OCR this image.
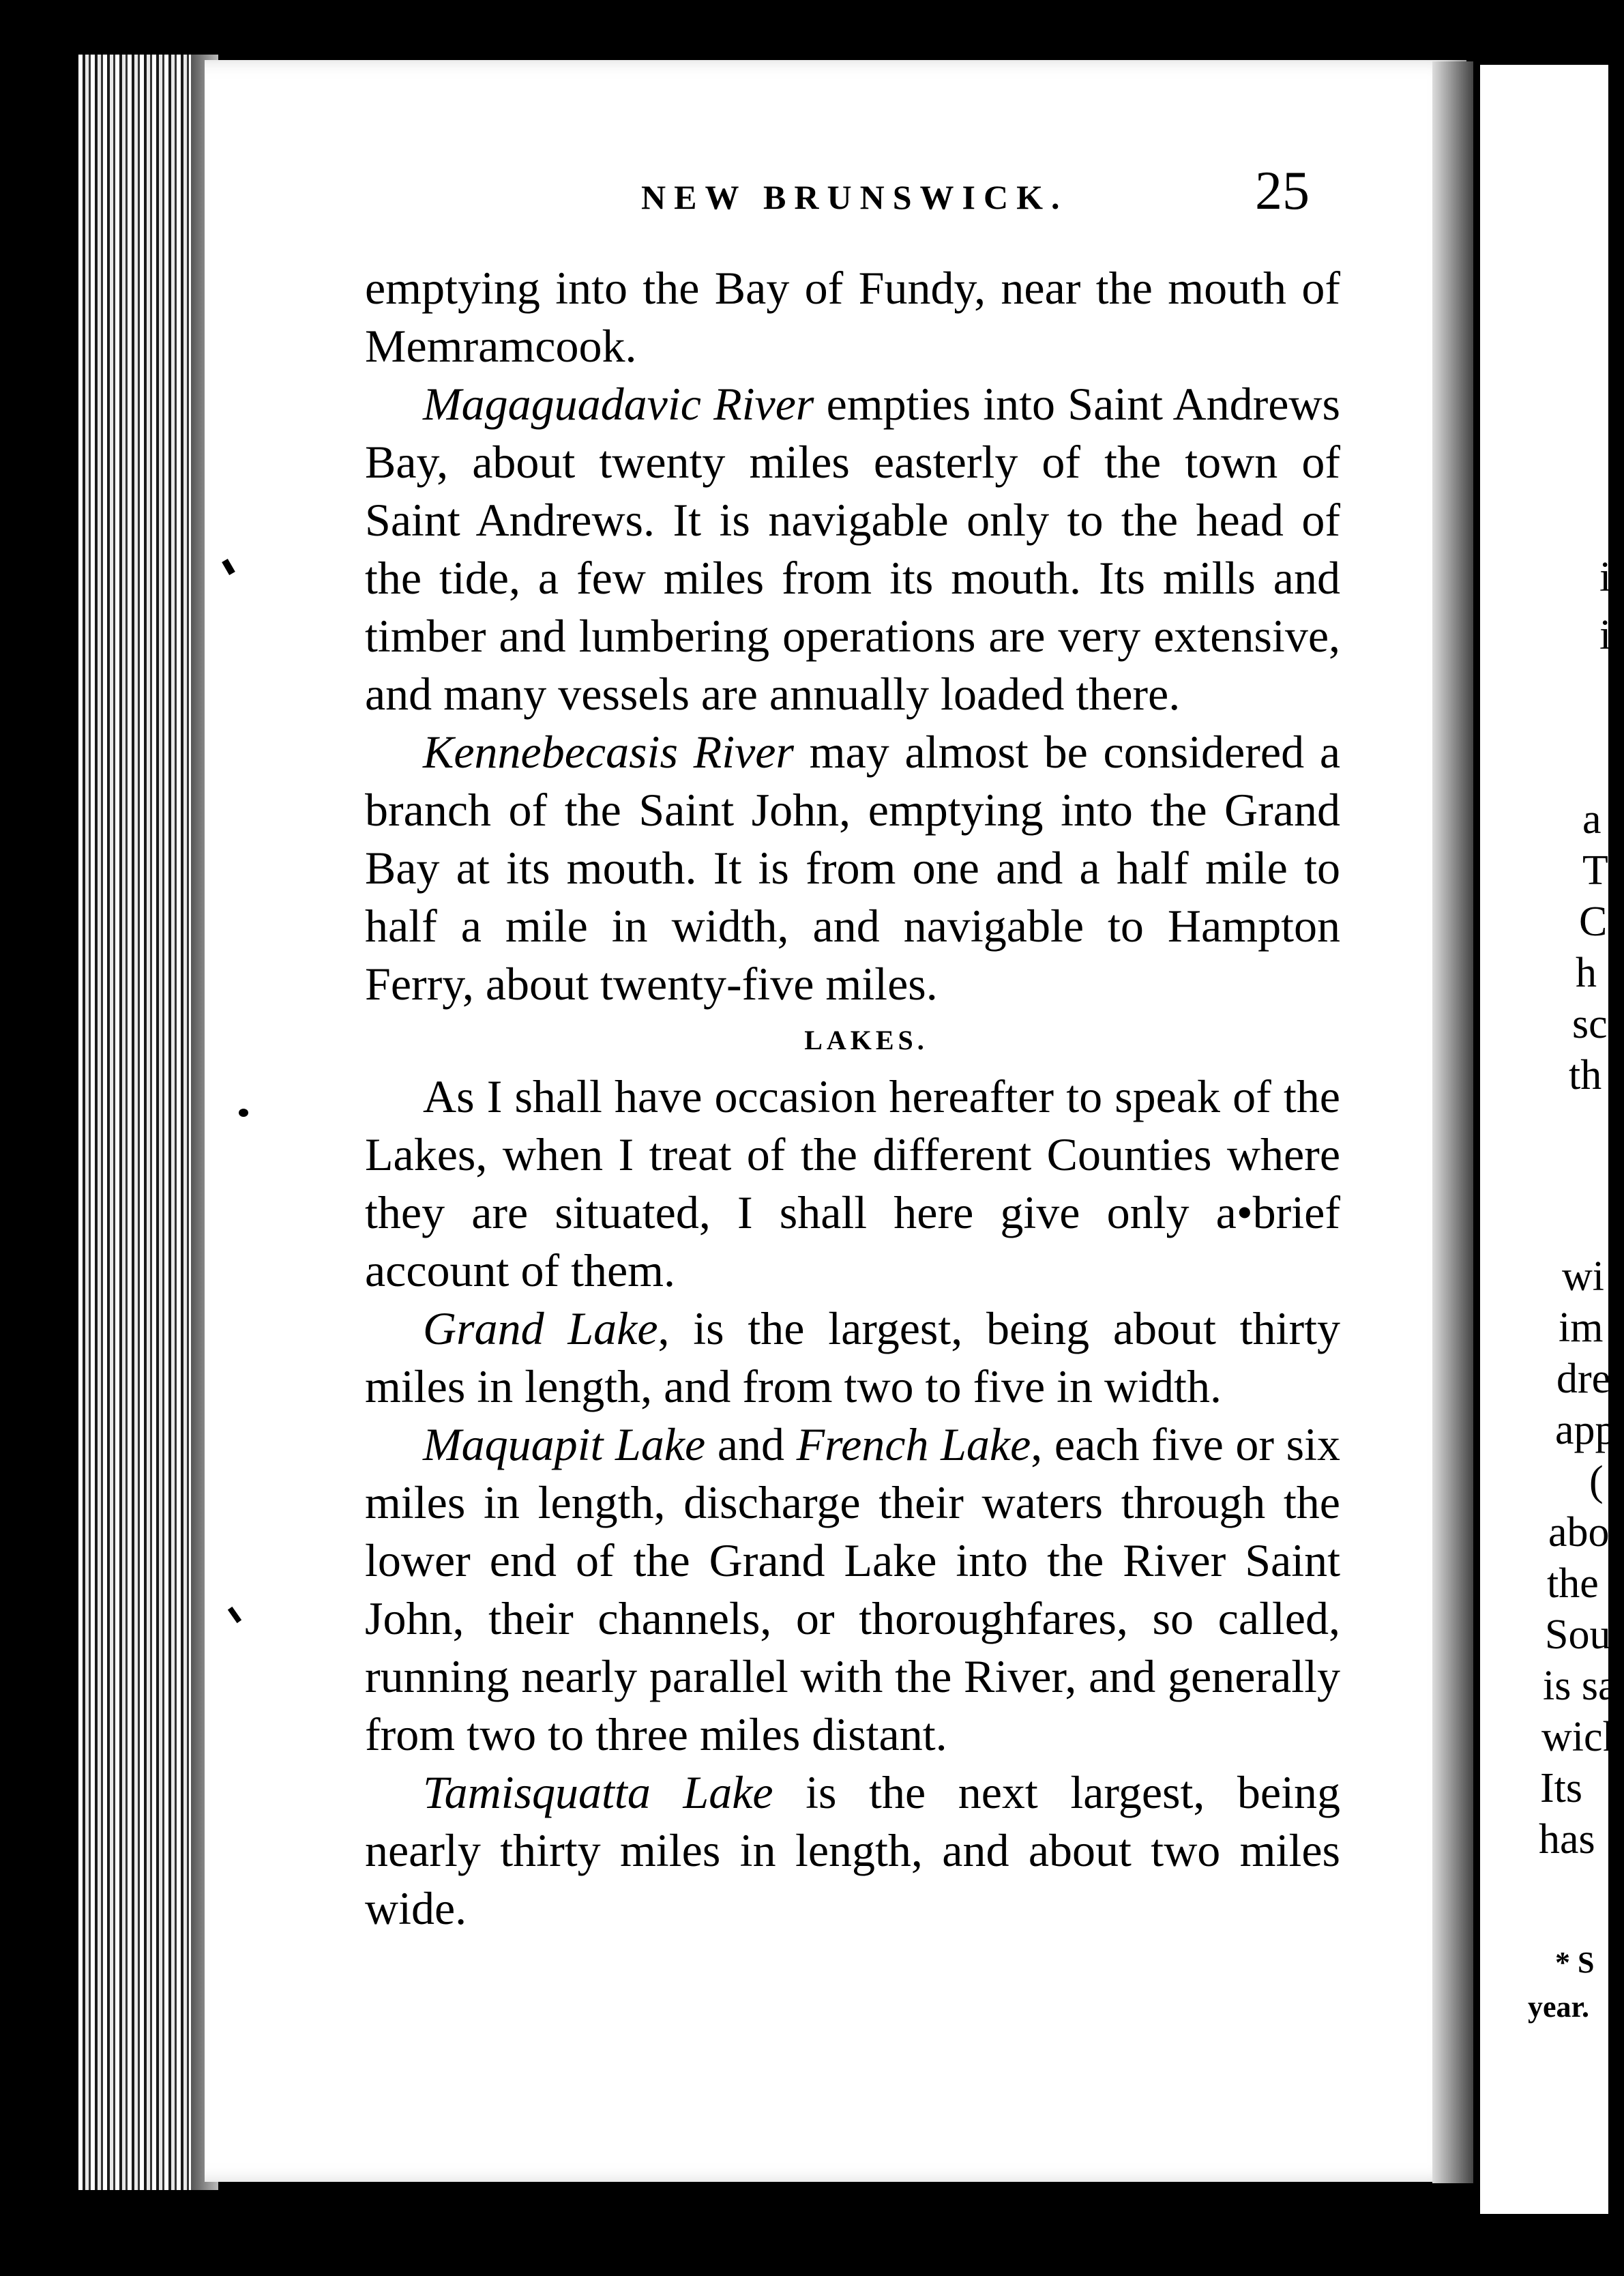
i
i
a
T
C
h
sc
th
wi
im
dre
app
(
abo
the
Sou
is sa
wick
Its
has
* S
year.
NEW BRUNSWICK.	25

emptying into the Bay of Fundy, near the mouth of Memramcook.

Magaguadavic River empties into Saint Andrews Bay, about twenty miles easterly of the town of Saint Andrews. It is navigable only to the head of the tide, a few miles from its mouth. Its mills and timber and lumbering operations are very extensive, and many vessels are annually loaded there.

Kennebecasis River may almost be considered a branch of the Saint John, emptying into the Grand Bay at its mouth. It is from one and a half mile to half a mile in width, and navigable to Hampton Ferry, about twenty-five miles.

LAKES.

As I shall have occasion hereafter to speak of the Lakes, when I treat of the different Counties where they are situated, I shall here give only a•brief account of them.

Grand Lake, is the largest, being about thirty miles in length, and from two to five in width.

Maquapit Lake and French Lake, each five or six miles in length, discharge their waters through the lower end of the Grand Lake into the River Saint John, their channels, or thoroughfares, so called, running nearly parallel with the River, and generally from two to three miles distant.

Tamisquatta Lake is the next largest, being nearly thirty miles in length, and about two miles wide.
